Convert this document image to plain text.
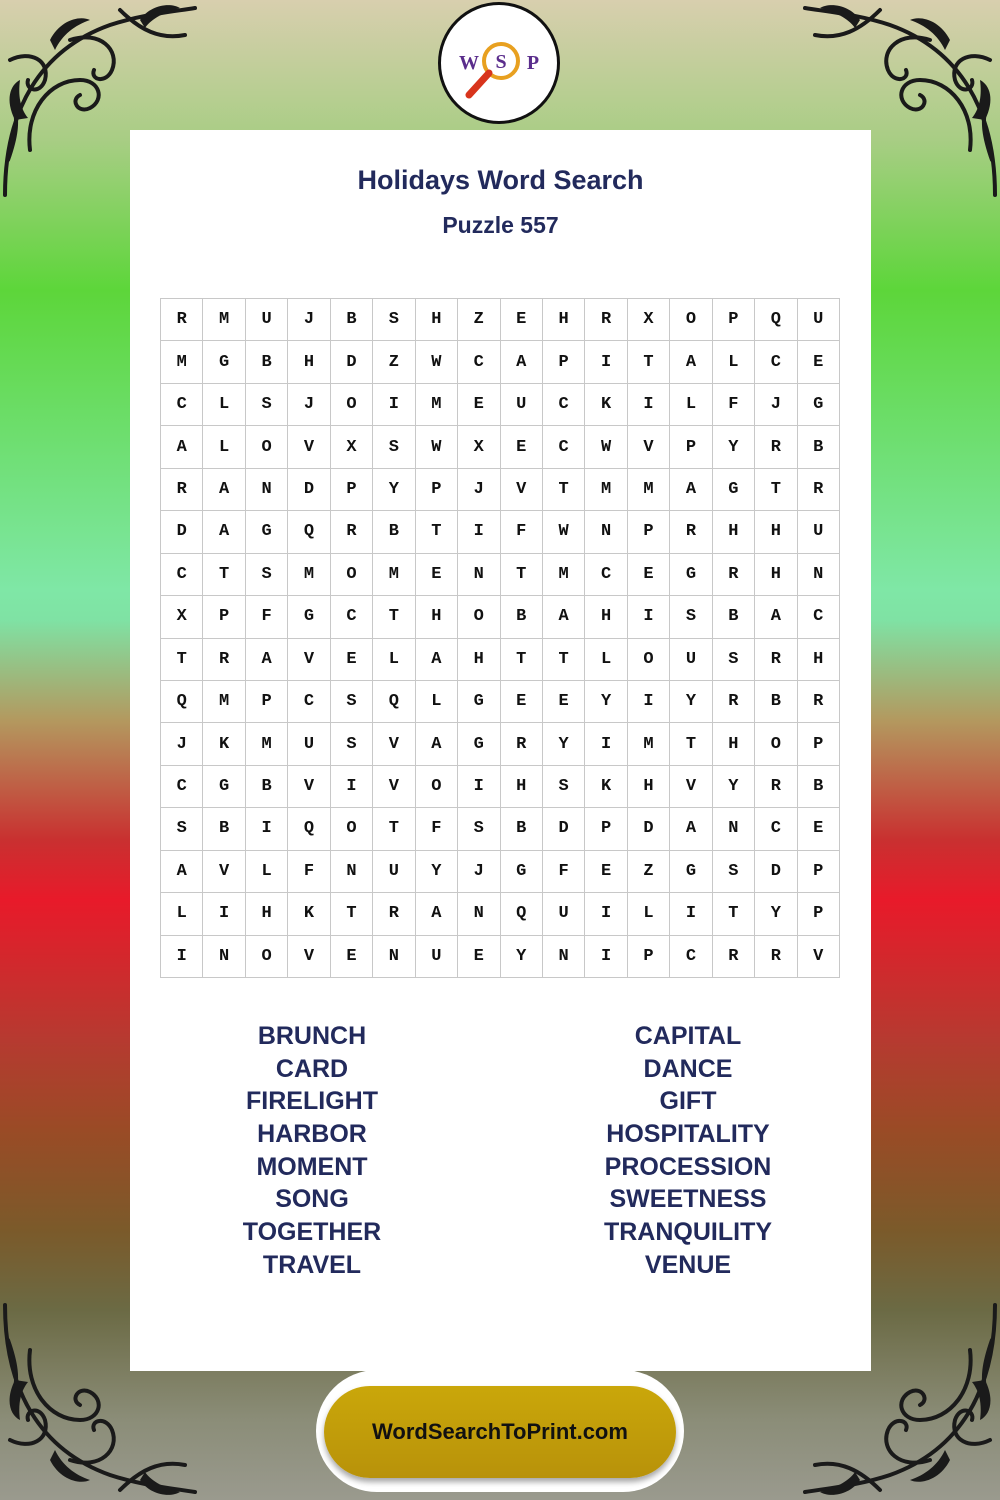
W S P
Holidays Word Search
Puzzle 557
R	M	U	J	B	S	H	Z	E	H	R	X	O	P	Q	U
M	G	B	H	D	Z	W	C	A	P	I	T	A	L	C	E
C	L	S	J	O	I	M	E	U	C	K	I	L	F	J	G
A	L	O	V	X	S	W	X	E	C	W	V	P	Y	R	B
R	A	N	D	P	Y	P	J	V	T	M	M	A	G	T	R
D	A	G	Q	R	B	T	I	F	W	N	P	R	H	H	U
C	T	S	M	O	M	E	N	T	M	C	E	G	R	H	N
X	P	F	G	C	T	H	O	B	A	H	I	S	B	A	C
T	R	A	V	E	L	A	H	T	T	L	O	U	S	R	H
Q	M	P	C	S	Q	L	G	E	E	Y	I	Y	R	B	R
J	K	M	U	S	V	A	G	R	Y	I	M	T	H	O	P
C	G	B	V	I	V	O	I	H	S	K	H	V	Y	R	B
S	B	I	Q	O	T	F	S	B	D	P	D	A	N	C	E
A	V	L	F	N	U	Y	J	G	F	E	Z	G	S	D	P
L	I	H	K	T	R	A	N	Q	U	I	L	I	T	Y	P
I	N	O	V	E	N	U	E	Y	N	I	P	C	R	R	V
BRUNCH
CARD
FIRELIGHT
HARBOR
MOMENT
SONG
TOGETHER
TRAVEL
CAPITAL
DANCE
GIFT
HOSPITALITY
PROCESSION
SWEETNESS
TRANQUILITY
VENUE
WordSearchToPrint.com
